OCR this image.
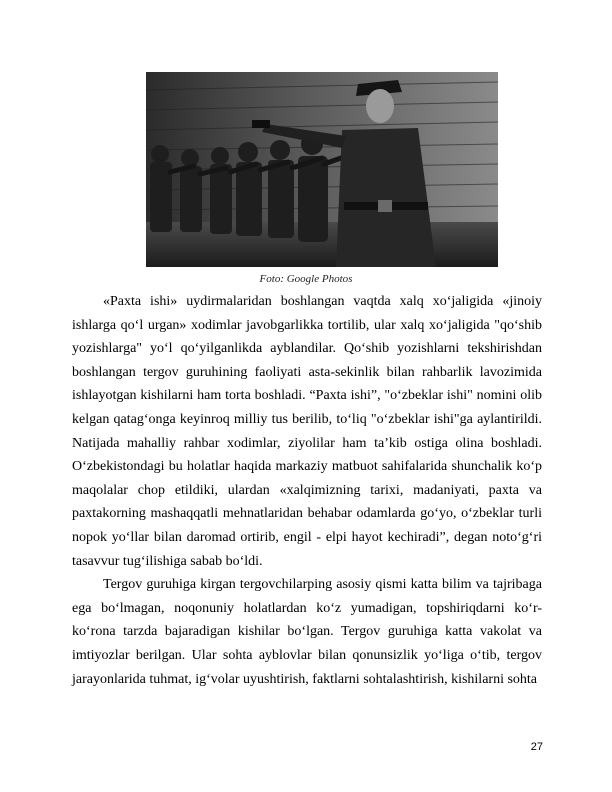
Foto: Google Photos

«Paxta ishi» uydirmalaridan boshlangan vaqtda xalq xo‘jaligida «jinoiy ishlarga qo‘l urgan» xodimlar javobgarlikka tortilib, ular xalq xo‘jaligida "qo‘shib yozishlarga" yo‘l qo‘yilganlikda ayblandilar. Qo‘shib yozishlarni tekshirishdan boshlangan tergov guruhining faoliyati asta-sekinlik bilan rahbarlik lavozimida ishlayotgan kishilarni ham torta boshladi. “Paxta ishi”, "o‘zbeklar ishi" nomini olib kelgan qatag‘onga keyinroq milliy tus berilib, to‘liq "o‘zbeklar ishi"ga aylantirildi. Natijada mahalliy rahbar xodimlar, ziyolilar ham ta’kib ostiga olina boshladi. O‘zbekistondagi bu holatlar haqida markaziy matbuot sahifalarida shunchalik ko‘p maqolalar chop etildiki, ulardan «xalqimizning tarixi, madaniyati, paxta va paxtakorning mashaqqatli mehnatlaridan behabar odamlarda go‘yo, o‘zbeklar turli nopok yo‘llar bilan daromad ortirib, engil - elpi hayot kechiradi”, degan noto‘g‘ri tasavvur tug‘ilishiga sabab bo‘ldi.

Tergov guruhiga kirgan tergovchilarping asosiy qismi katta bilim va tajribaga ega bo‘lmagan, noqonuniy holatlardan ko‘z yumadigan, topshiriqdarni ko‘r-ko‘rona tarzda bajaradigan kishilar bo‘lgan. Tergov guruhiga katta vakolat va imtiyozlar berilgan. Ular sohta ayblovlar bilan qonunsizlik yo‘liga o‘tib, tergov jarayonlarida tuhmat, ig‘volar uyushtirish, faktlarni sohtalashtirish, kishilarni sohta

27
